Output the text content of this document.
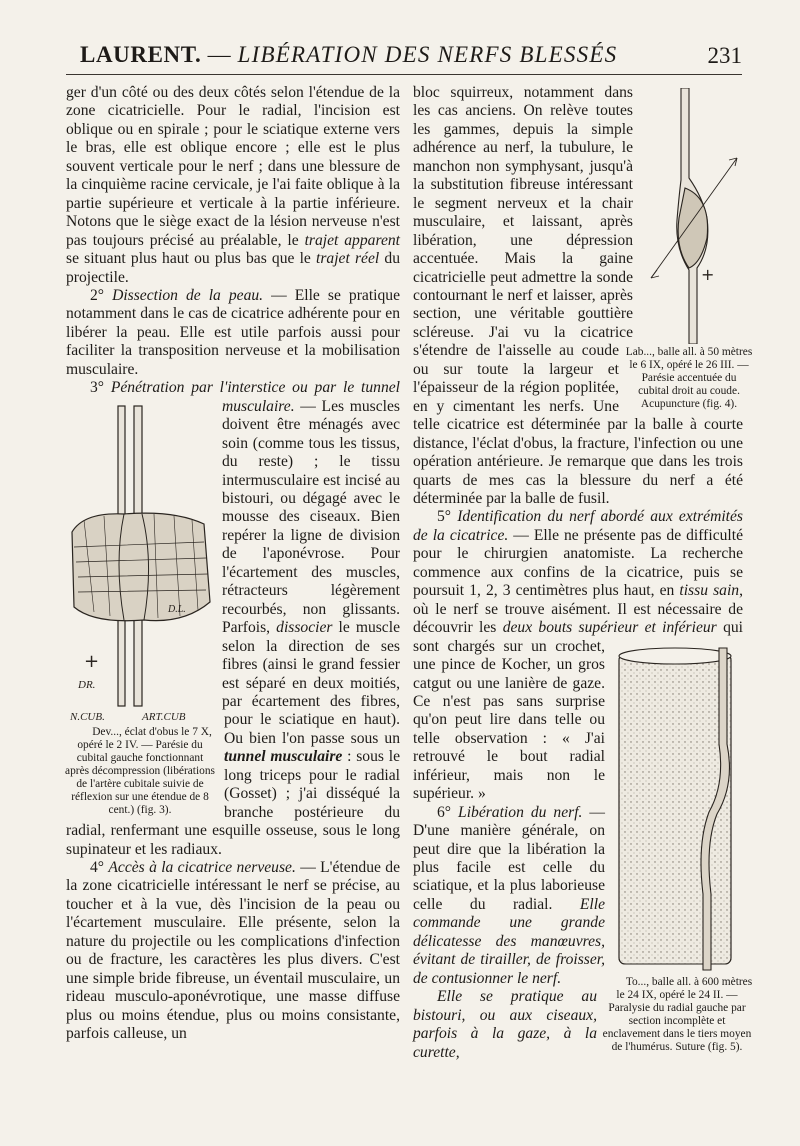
LAURENT. — LIBÉRATION DES NERFS BLESSÉS	231

ger d'un côté ou des deux côtés selon l'étendue de la zone cicatricielle. Pour le radial, l'incision est oblique ou en spirale ; pour le sciatique externe vers le bras, elle est oblique encore ; elle est le plus souvent verticale pour le nerf ; dans une blessure de la cinquième racine cervicale, je l'ai faite oblique à la partie supérieure et verticale à la partie inférieure. Notons que le siège exact de la lésion nerveuse n'est pas toujours précisé au préalable, le trajet apparent se situant plus haut ou plus bas que le trajet réel du projectile.

2° Dissection de la peau. — Elle se pratique notamment dans le cas de cicatrice adhérente pour en libérer la peau. Elle est utile parfois aussi pour faciliter la transposition nerveuse et la mobilisation musculaire.

3° Pénétration par l'interstice ou par le tunnel musculaire.
+
DR.
D.L.
N.CUB.	ART.CUB
Dev..., éclat d'obus le 7 X, opéré le 2 IV. — Parésie du cubital gauche fonctionnant après décompression (libérations de l'artère cubitale suivie de réflexion sur une étendue de 8 cent.) (fig. 3).
— Les muscles doivent être ménagés avec soin (comme tous les tissus, du reste) ; le tissu intermusculaire est incisé au bistouri, ou dégagé avec le mousse des ciseaux. Bien repérer la ligne de division de l'aponévrose. Pour l'écartement des muscles, rétracteurs légèrement recourbés, non glissants. Parfois, dissocier le muscle selon la direction de ses fibres (ainsi le grand fessier est séparé en deux moitiés, par écartement des fibres, pour le sciatique en haut). Ou bien l'on passe sous un tunnel musculaire : sous le long triceps pour le radial (Gosset) ; j'ai disséqué la branche postérieure du radial, renfermant une esquille osseuse, sous le long supinateur et les radiaux.

4° Accès à la cicatrice nerveuse. — L'étendue de la zone cicatricielle intéressant le nerf se précise, au toucher et à la vue, dès l'incision de la peau ou l'écartement musculaire. Elle présente, selon la nature du projectile ou les complications d'infection ou de fracture, les caractères les plus divers. C'est une simple bride fibreuse, un éventail musculaire, un rideau musculo-aponévrotique, une masse diffuse plus ou moins étendue, plus ou moins consistante, parfois calleuse, un

+
Lab..., balle all. à 50 mètres le 6 IX, opéré le 26 III. — Parésie accentuée du cubital droit au coude. Acupuncture (fig. 4).
bloc squirreux, notamment dans les cas anciens. On relève toutes les gammes, depuis la simple adhérence au nerf, la tubulure, le manchon non symphysant, jusqu'à la substitution fibreuse intéressant le segment nerveux et la chair musculaire, et laissant, après libération, une dépression accentuée. Mais la gaine cicatricielle peut admettre la sonde contournant le nerf et laisser, après section, une véritable gouttière scléreuse. J'ai vu la cicatrice s'étendre de l'aisselle au coude ou sur toute la largeur et l'épaisseur de la région poplitée, en y cimentant les nerfs. Une telle cicatrice est déterminée par la balle à courte distance, l'éclat d'obus, la fracture, l'infection ou une opération antérieure. Je remarque que dans les trois quarts de mes cas la blessure du nerf a été déterminée par la balle de fusil.

5° Identification du nerf abordé aux extrémités de la cicatrice. — Elle ne présente pas de difficulté pour le chirurgien anatomiste. La recherche commence aux confins de la cicatrice, puis se poursuit 1, 2, 3 centimètres plus haut, en tissu sain, où le nerf se trouve aisément. Il est nécessaire de découvrir les deux bouts supérieur et inférieur
To..., balle all. à 600 mètres le 24 IX, opéré le 24 II. — Paralysie du radial gauche par section incomplète et enclavement dans le tiers moyen de l'humérus. Suture (fig. 5).
qui sont chargés sur un crochet, une pince de Kocher, un gros catgut ou une lanière de gaze. Ce n'est pas sans surprise qu'on peut lire dans telle ou telle observation : « J'ai retrouvé le bout radial inférieur, mais non le supérieur. »

6° Libération du nerf. — D'une manière générale, on peut dire que la libération la plus facile est celle du sciatique, et la plus laborieuse celle du radial. Elle commande une grande délicatesse des manœuvres, évitant de tirailler, de froisser, de contusionner le nerf.

Elle se pratique au bistouri, ou aux ciseaux, parfois à la gaze, à la curette,
